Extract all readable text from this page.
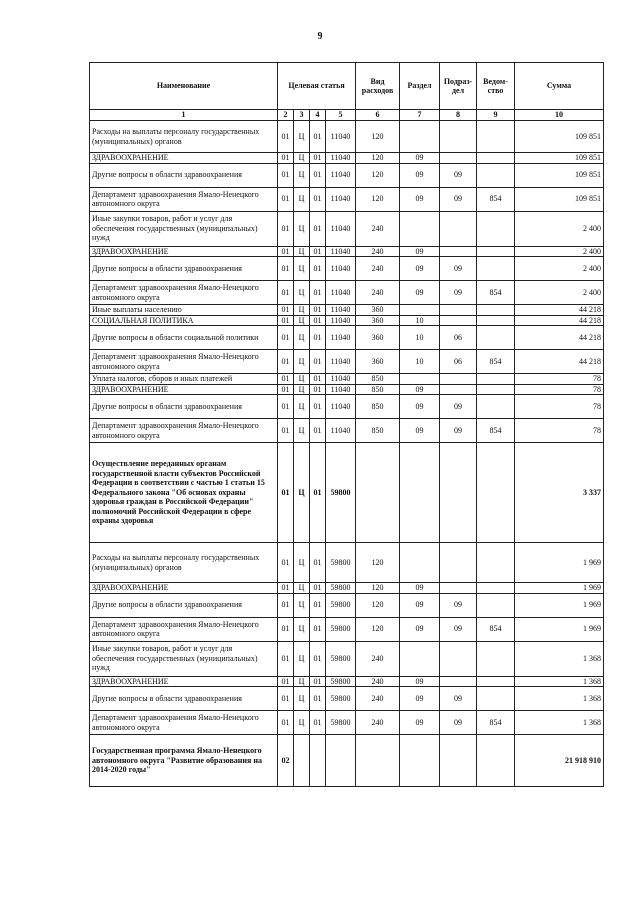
9
Наименование	Целевая статья				Вид расходов	Раздел	Подраз-дел	Ведом-ство	Сумма
1	2	3	4	5	6	7	8	9	10
Расходы на выплаты персоналу государственных (муниципальных) органов	01	Ц	01	11040	120				109 851
ЗДРАВООХРАНЕНИЕ	01	Ц	01	11040	120	09			109 851
Другие вопросы в области здравоохранения	01	Ц	01	11040	120	09	09		109 851
Департамент здравоохранения Ямало-Ненецкого автономного округа	01	Ц	01	11040	120	09	09	854	109 851
Иные закупки товаров, работ и услуг для обеспечения государственных (муниципальных) нужд	01	Ц	01	11040	240				2 400
ЗДРАВООХРАНЕНИЕ	01	Ц	01	11040	240	09			2 400
Другие вопросы в области здравоохранения	01	Ц	01	11040	240	09	09		2 400
Департамент здравоохранения Ямало-Ненецкого автономного округа	01	Ц	01	11040	240	09	09	854	2 400
Иные выплаты населению	01	Ц	01	11040	360				44 218
СОЦИАЛЬНАЯ ПОЛИТИКА	01	Ц	01	11040	360	10			44 218
Другие вопросы в области социальной политики	01	Ц	01	11040	360	10	06		44 218
Департамент здравоохранения Ямало-Ненецкого автономного округа	01	Ц	01	11040	360	10	06	854	44 218
Уплата налогов, сборов и иных платежей	01	Ц	01	11040	850				78
ЗДРАВООХРАНЕНИЕ	01	Ц	01	11040	850	09			78
Другие вопросы в области здравоохранения	01	Ц	01	11040	850	09	09		78
Департамент здравоохранения Ямало-Ненецкого автономного округа	01	Ц	01	11040	850	09	09	854	78
Осуществление переданных органам государственной власти субъектов Российской Федерации в соответствии с частью 1 статьи 15 Федерального закона "Об основах охраны здоровья граждан в Российской Федерации" полномочий Российской Федерации в сфере охраны здоровья	01	Ц	01	59800					3 337
Расходы на выплаты персоналу государственных (муниципальных) органов	01	Ц	01	59800	120				1 969
ЗДРАВООХРАНЕНИЕ	01	Ц	01	59800	120	09			1 969
Другие вопросы в области здравоохранения	01	Ц	01	59800	120	09	09		1 969
Департамент здравоохранения Ямало-Ненецкого автономного округа	01	Ц	01	59800	120	09	09	854	1 969
Иные закупки товаров, работ и услуг для обеспечения государственных (муниципальных) нужд	01	Ц	01	59800	240				1 368
ЗДРАВООХРАНЕНИЕ	01	Ц	01	59800	240	09			1 368
Другие вопросы в области здравоохранения	01	Ц	01	59800	240	09	09		1 368
Департамент здравоохранения Ямало-Ненецкого автономного округа	01	Ц	01	59800	240	09	09	854	1 368
Государственная программа Ямало-Ненецкого автономного округа "Развитие образования на 2014-2020 годы"	02								21 918 910
